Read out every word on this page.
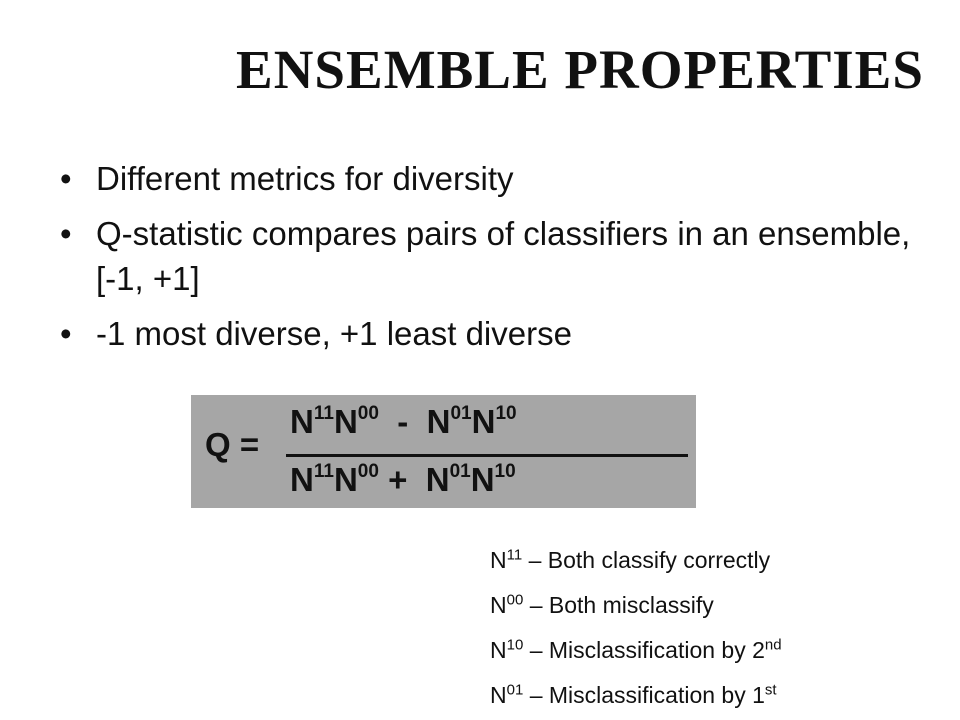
ENSEMBLE PROPERTIES
• Different metrics for diversity
• Q-statistic compares pairs of classifiers in an ensemble, [-1, +1]
• -1 most diverse, +1 least diverse
Q =
$N^{11}N^{00} - N^{01}N^{10}$
$N^{11}N^{00} + N^{01}N^{10}$
$N^{11}$ – Both classify correctly
$N^{00}$ – Both misclassify
$N^{10}$ – Misclassification by 2nd
$N^{01}$ – Misclassification by 1st
